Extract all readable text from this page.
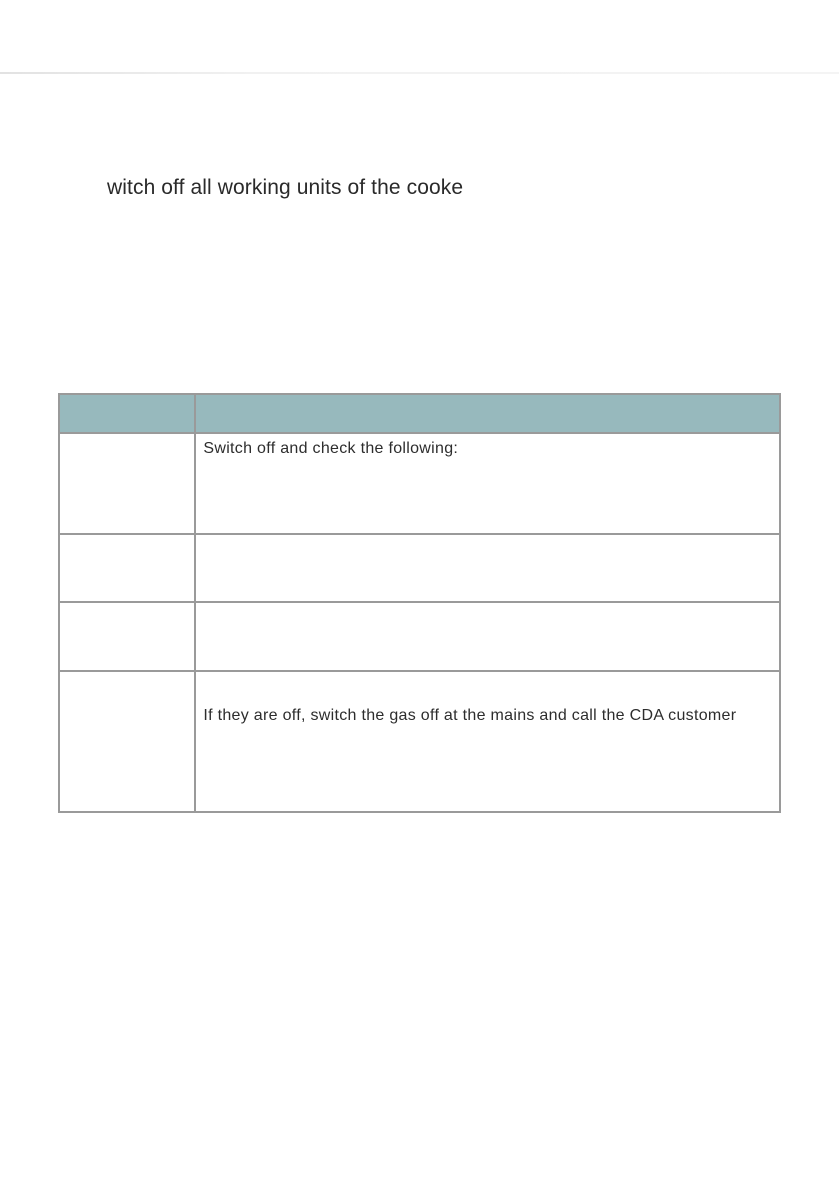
witch off all working units of the cooke

	Switch off and check the following:

	If they are off, switch the gas off at the mains and call the CDA customer
